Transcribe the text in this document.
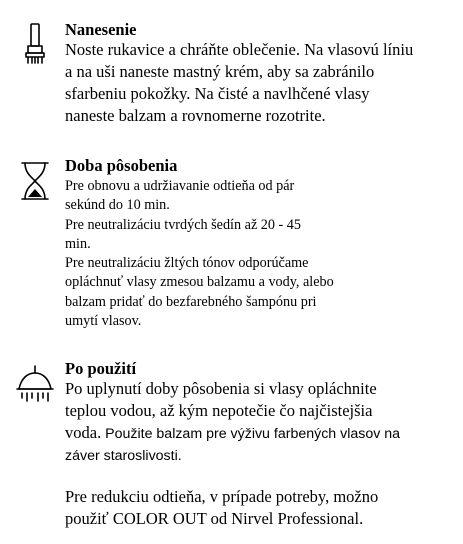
Nanesenie
Noste rukavice a chráňte oblečenie. Na vlasovú líniu
a na uši naneste mastný krém, aby sa zabránilo
sfarbeniu pokožky. Na čisté a navlhčené vlasy
naneste balzam a rovnomerne rozotrite.
Doba pôsobenia
Pre obnovu a udržiavanie odtieňa od pár
sekúnd do 10 min.
Pre neutralizáciu tvrdých šedín až 20 - 45
min.
Pre neutralizáciu žltých tónov odporúčame
opláchnuť vlasy zmesou balzamu a vody, alebo
balzam pridať do bezfarebného šampónu pri
umytí vlasov.
Po použití
Po uplynutí doby pôsobenia si vlasy opláchnite
teplou vodou, až kým nepotečie čo najčistejšia
voda. Použite balzam pre výživu farbených vlasov na
záver staroslivosti.
Pre redukciu odtieňa, v prípade potreby, možno
použiť COLOR OUT od Nirvel Professional.
